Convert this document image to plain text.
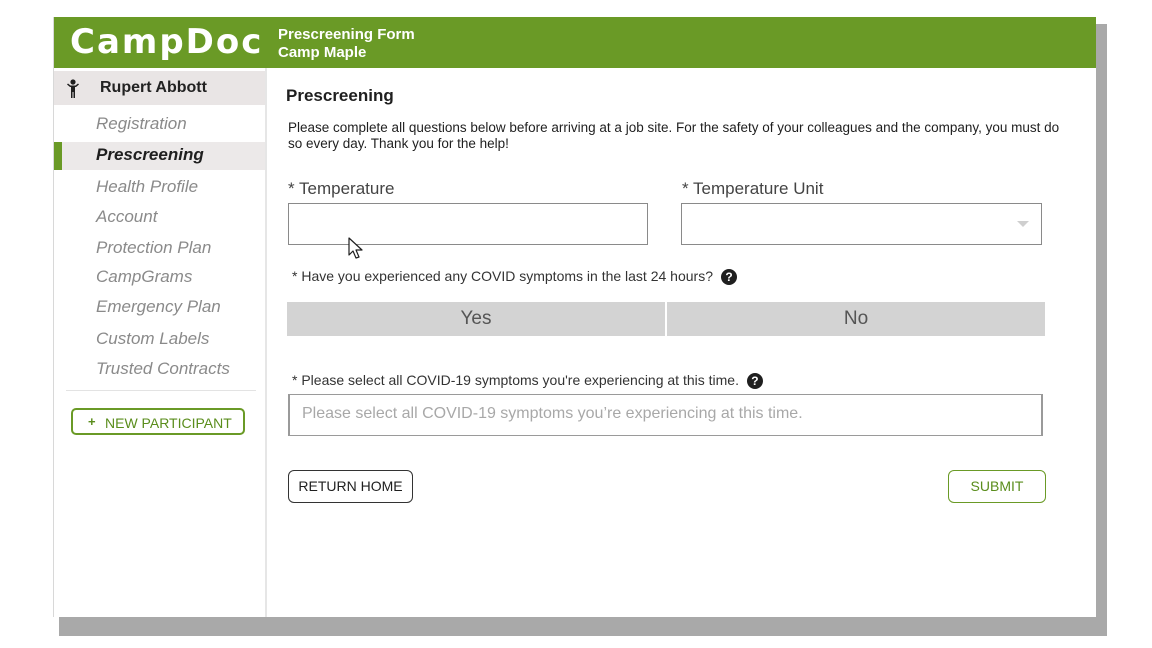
CampDoc Prescreening Form
Camp Maple
Rupert Abbott
Registration
Prescreening
Health Profile
Account
Protection Plan
CampGrams
Emergency Plan
Custom Labels
Trusted Contracts
+ NEW PARTICIPANT
Prescreening
Please complete all questions below before arriving at a job site. For the safety of your colleagues and the company, you must do so every day. Thank you for the help!
* Temperature	* Temperature Unit
* Have you experienced any COVID symptoms in the last 24 hours? ?
Yes	No
* Please select all COVID-19 symptoms you're experiencing at this time. ?
Please select all COVID-19 symptoms you’re experiencing at this time.
RETURN HOME	SUBMIT
